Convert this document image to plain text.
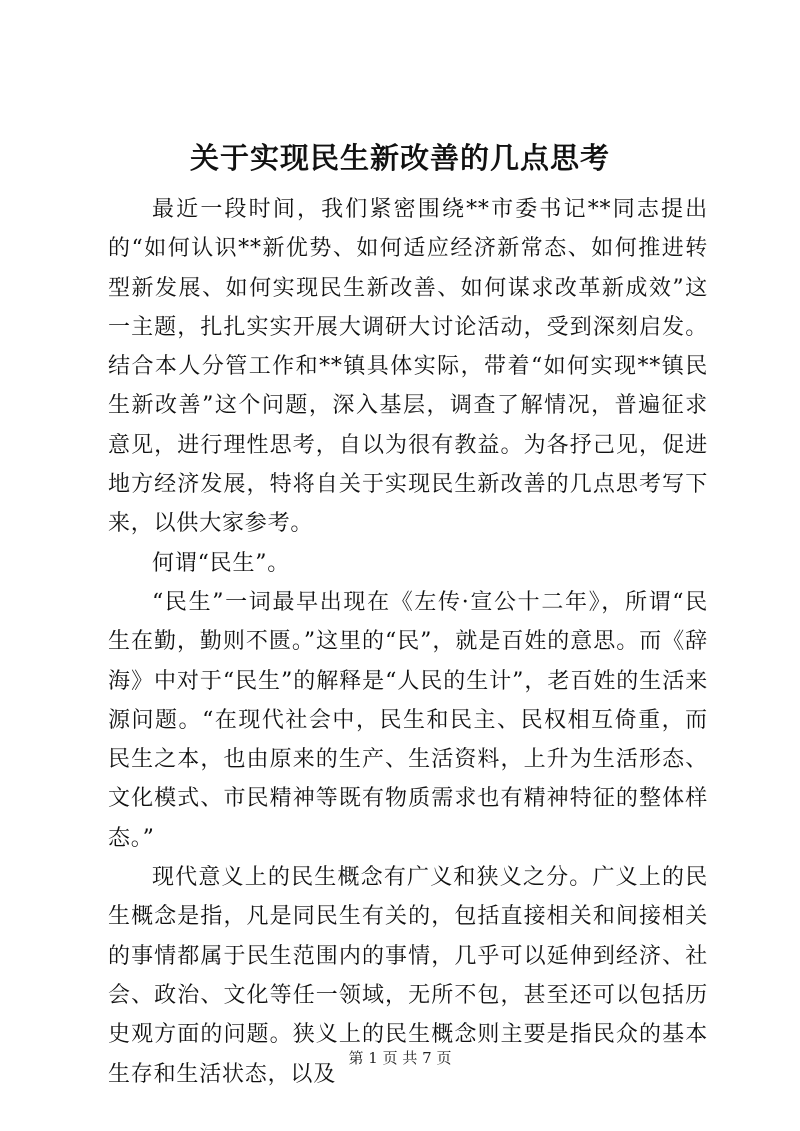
关于实现民生新改善的几点思考

最近一段时间，我们紧密围绕**市委书记**同志提出的“如何认识**新优势、如何适应经济新常态、如何推进转型新发展、如何实现民生新改善、如何谋求改革新成效”这一主题，扎扎实实开展大调研大讨论活动，受到深刻启发。结合本人分管工作和**镇具体实际，带着“如何实现**镇民生新改善”这个问题，深入基层，调查了解情况，普遍征求意见，进行理性思考，自以为很有教益。为各抒己见，促进地方经济发展，特将自关于实现民生新改善的几点思考写下来，以供大家参考。

何谓“民生”。

“民生”一词最早出现在《左传·宣公十二年》，所谓“民生在勤，勤则不匮。”这里的“民”，就是百姓的意思。而《辞海》中对于“民生”的解释是“人民的生计”，老百姓的生活来源问题。“在现代社会中，民生和民主、民权相互倚重，而民生之本，也由原来的生产、生活资料，上升为生活形态、文化模式、市民精神等既有物质需求也有精神特征的整体样态。”

现代意义上的民生概念有广义和狭义之分。广义上的民生概念是指，凡是同民生有关的，包括直接相关和间接相关的事情都属于民生范围内的事情，几乎可以延伸到经济、社会、政治、文化等任一领域，无所不包，甚至还可以包括历史观方面的问题。狭义上的民生概念则主要是指民众的基本生存和生活状态，以及

第 1 页 共 7 页
